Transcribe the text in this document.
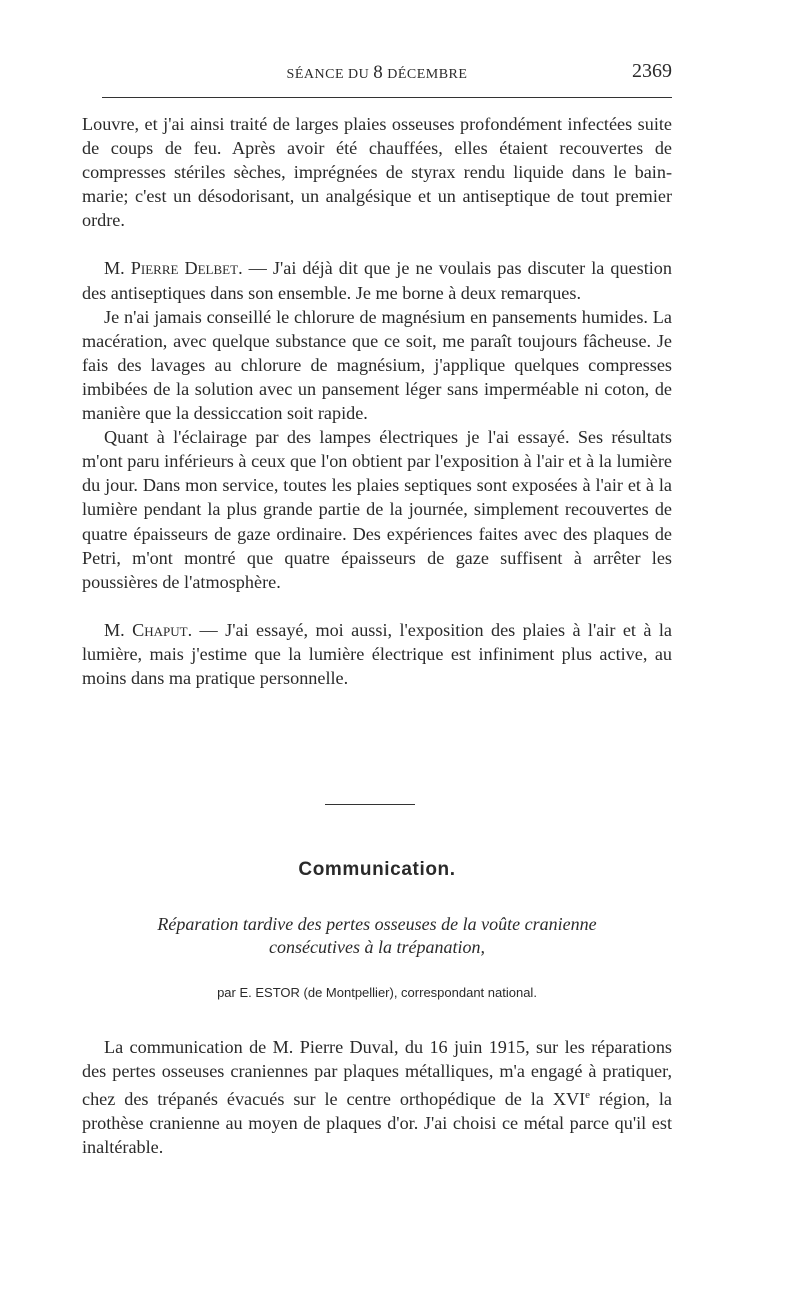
SÉANCE DU 8 DÉCEMBRE	2369

Louvre, et j'ai ainsi traité de larges plaies osseuses profondément infectées suite de coups de feu. Après avoir été chauffées, elles étaient recouvertes de compresses stériles sèches, imprégnées de styrax rendu liquide dans le bain-marie; c'est un désodorisant, un analgésique et un antiseptique de tout premier ordre.

M. Pierre Delbet. — J'ai déjà dit que je ne voulais pas discuter la question des antiseptiques dans son ensemble. Je me borne à deux remarques.

Je n'ai jamais conseillé le chlorure de magnésium en pansements humides. La macération, avec quelque substance que ce soit, me paraît toujours fâcheuse. Je fais des lavages au chlorure de magnésium, j'applique quelques compresses imbibées de la solution avec un pansement léger sans imperméable ni coton, de manière que la dessiccation soit rapide.

Quant à l'éclairage par des lampes électriques je l'ai essayé. Ses résultats m'ont paru inférieurs à ceux que l'on obtient par l'exposition à l'air et à la lumière du jour. Dans mon service, toutes les plaies septiques sont exposées à l'air et à la lumière pendant la plus grande partie de la journée, simplement recouvertes de quatre épaisseurs de gaze ordinaire. Des expériences faites avec des plaques de Petri, m'ont montré que quatre épaisseurs de gaze suffisent à arrêter les poussières de l'atmosphère.

M. Chaput. — J'ai essayé, moi aussi, l'exposition des plaies à l'air et à la lumière, mais j'estime que la lumière électrique est infiniment plus active, au moins dans ma pratique personnelle.

Communication.
Réparation tardive des pertes osseuses de la voûte cranienne
consécutives à la trépanation,
par E. ESTOR (de Montpellier), correspondant national.

La communication de M. Pierre Duval, du 16 juin 1915, sur les réparations des pertes osseuses craniennes par plaques métalliques, m'a engagé à pratiquer, chez des trépanés évacués sur le centre orthopédique de la XVIe région, la prothèse cranienne au moyen de plaques d'or. J'ai choisi ce métal parce qu'il est inaltérable.
